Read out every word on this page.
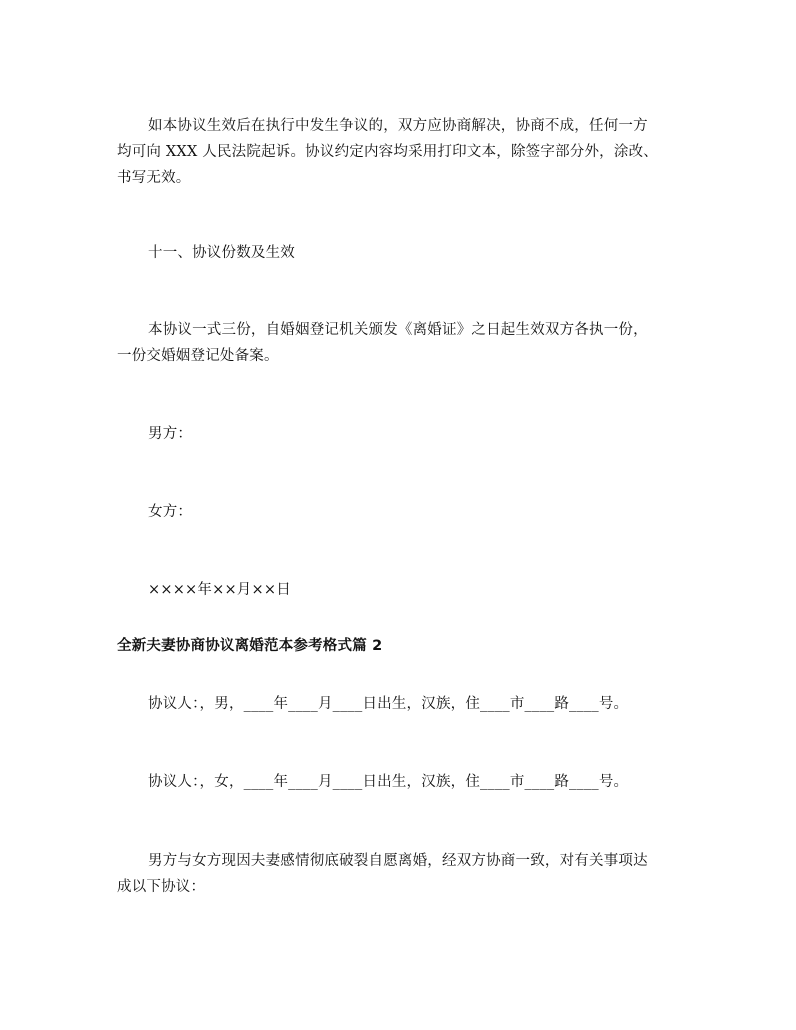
如本协议生效后在执行中发生争议的，双方应协商解决，协商不成，任何一方
均可向 XXX 人民法院起诉。协议约定内容均采用打印文本，除签字部分外，涂改、
书写无效。
十一、协议份数及生效
本协议一式三份，自婚姻登记机关颁发《离婚证》之日起生效双方各执一份，
一份交婚姻登记处备案。
男方：
女方：
××××年××月××日
全新夫妻协商协议离婚范本参考格式篇 2
协议人：，男，____年____月____日出生，汉族，住____市____路____号。
协议人：，女，____年____月____日出生，汉族，住____市____路____号。
男方与女方现因夫妻感情彻底破裂自愿离婚，经双方协商一致，对有关事项达
成以下协议：
